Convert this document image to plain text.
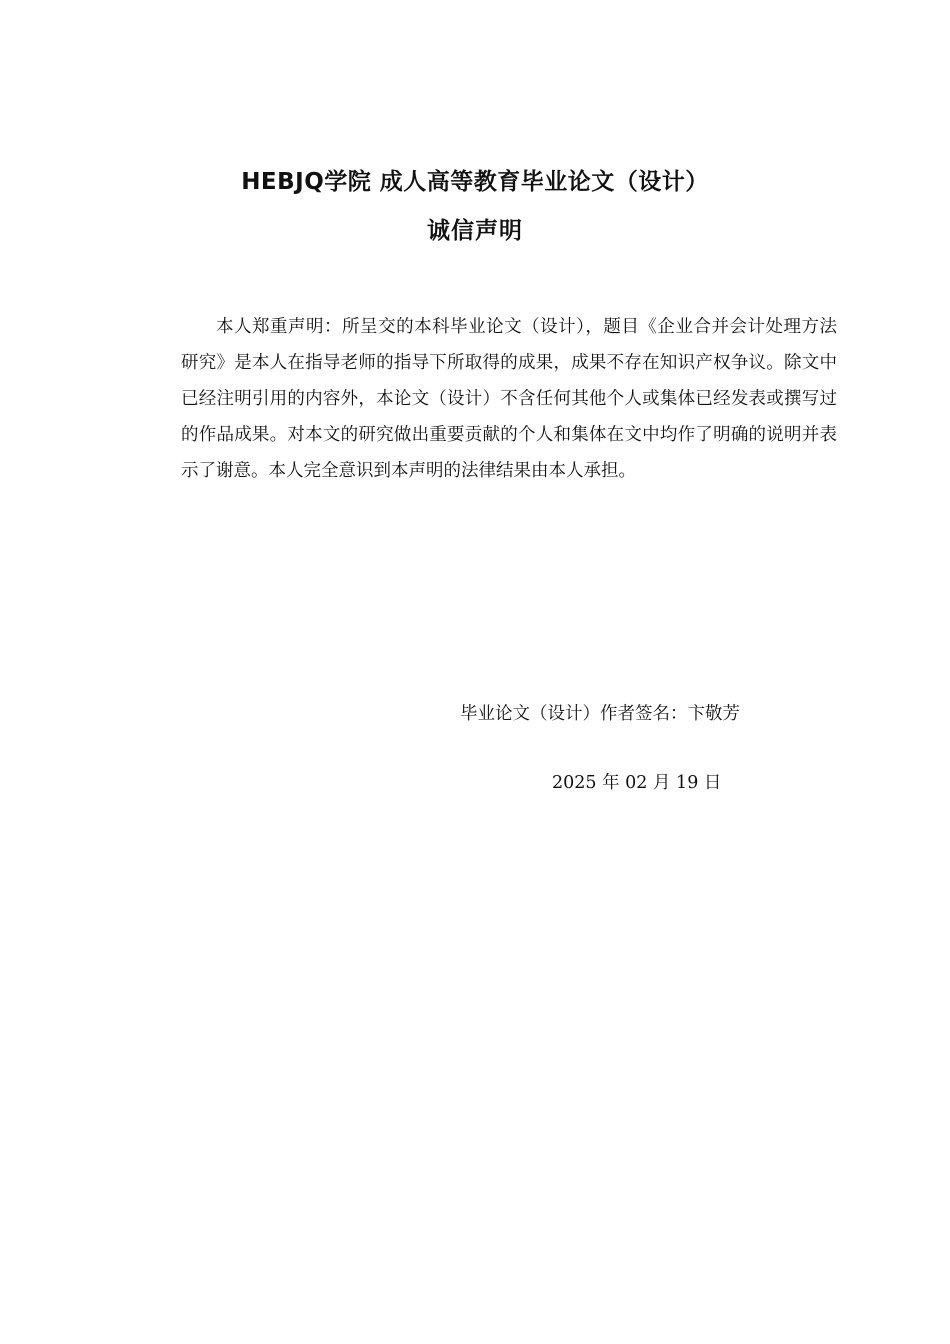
HEBJQ学院 成人高等教育毕业论文（设计）
诚信声明
本人郑重声明：所呈交的本科毕业论文（设计），题目《企业合并会计处理方法研究》是本人在指导老师的指导下所取得的成果，成果不存在知识产权争议。除文中已经注明引用的内容外，本论文（设计）不含任何其他个人或集体已经发表或撰写过的作品成果。对本文的研究做出重要贡献的个人和集体在文中均作了明确的说明并表示了谢意。本人完全意识到本声明的法律结果由本人承担。
毕业论文（设计）作者签名：卞敬芳
2025 年 02 月 19 日
